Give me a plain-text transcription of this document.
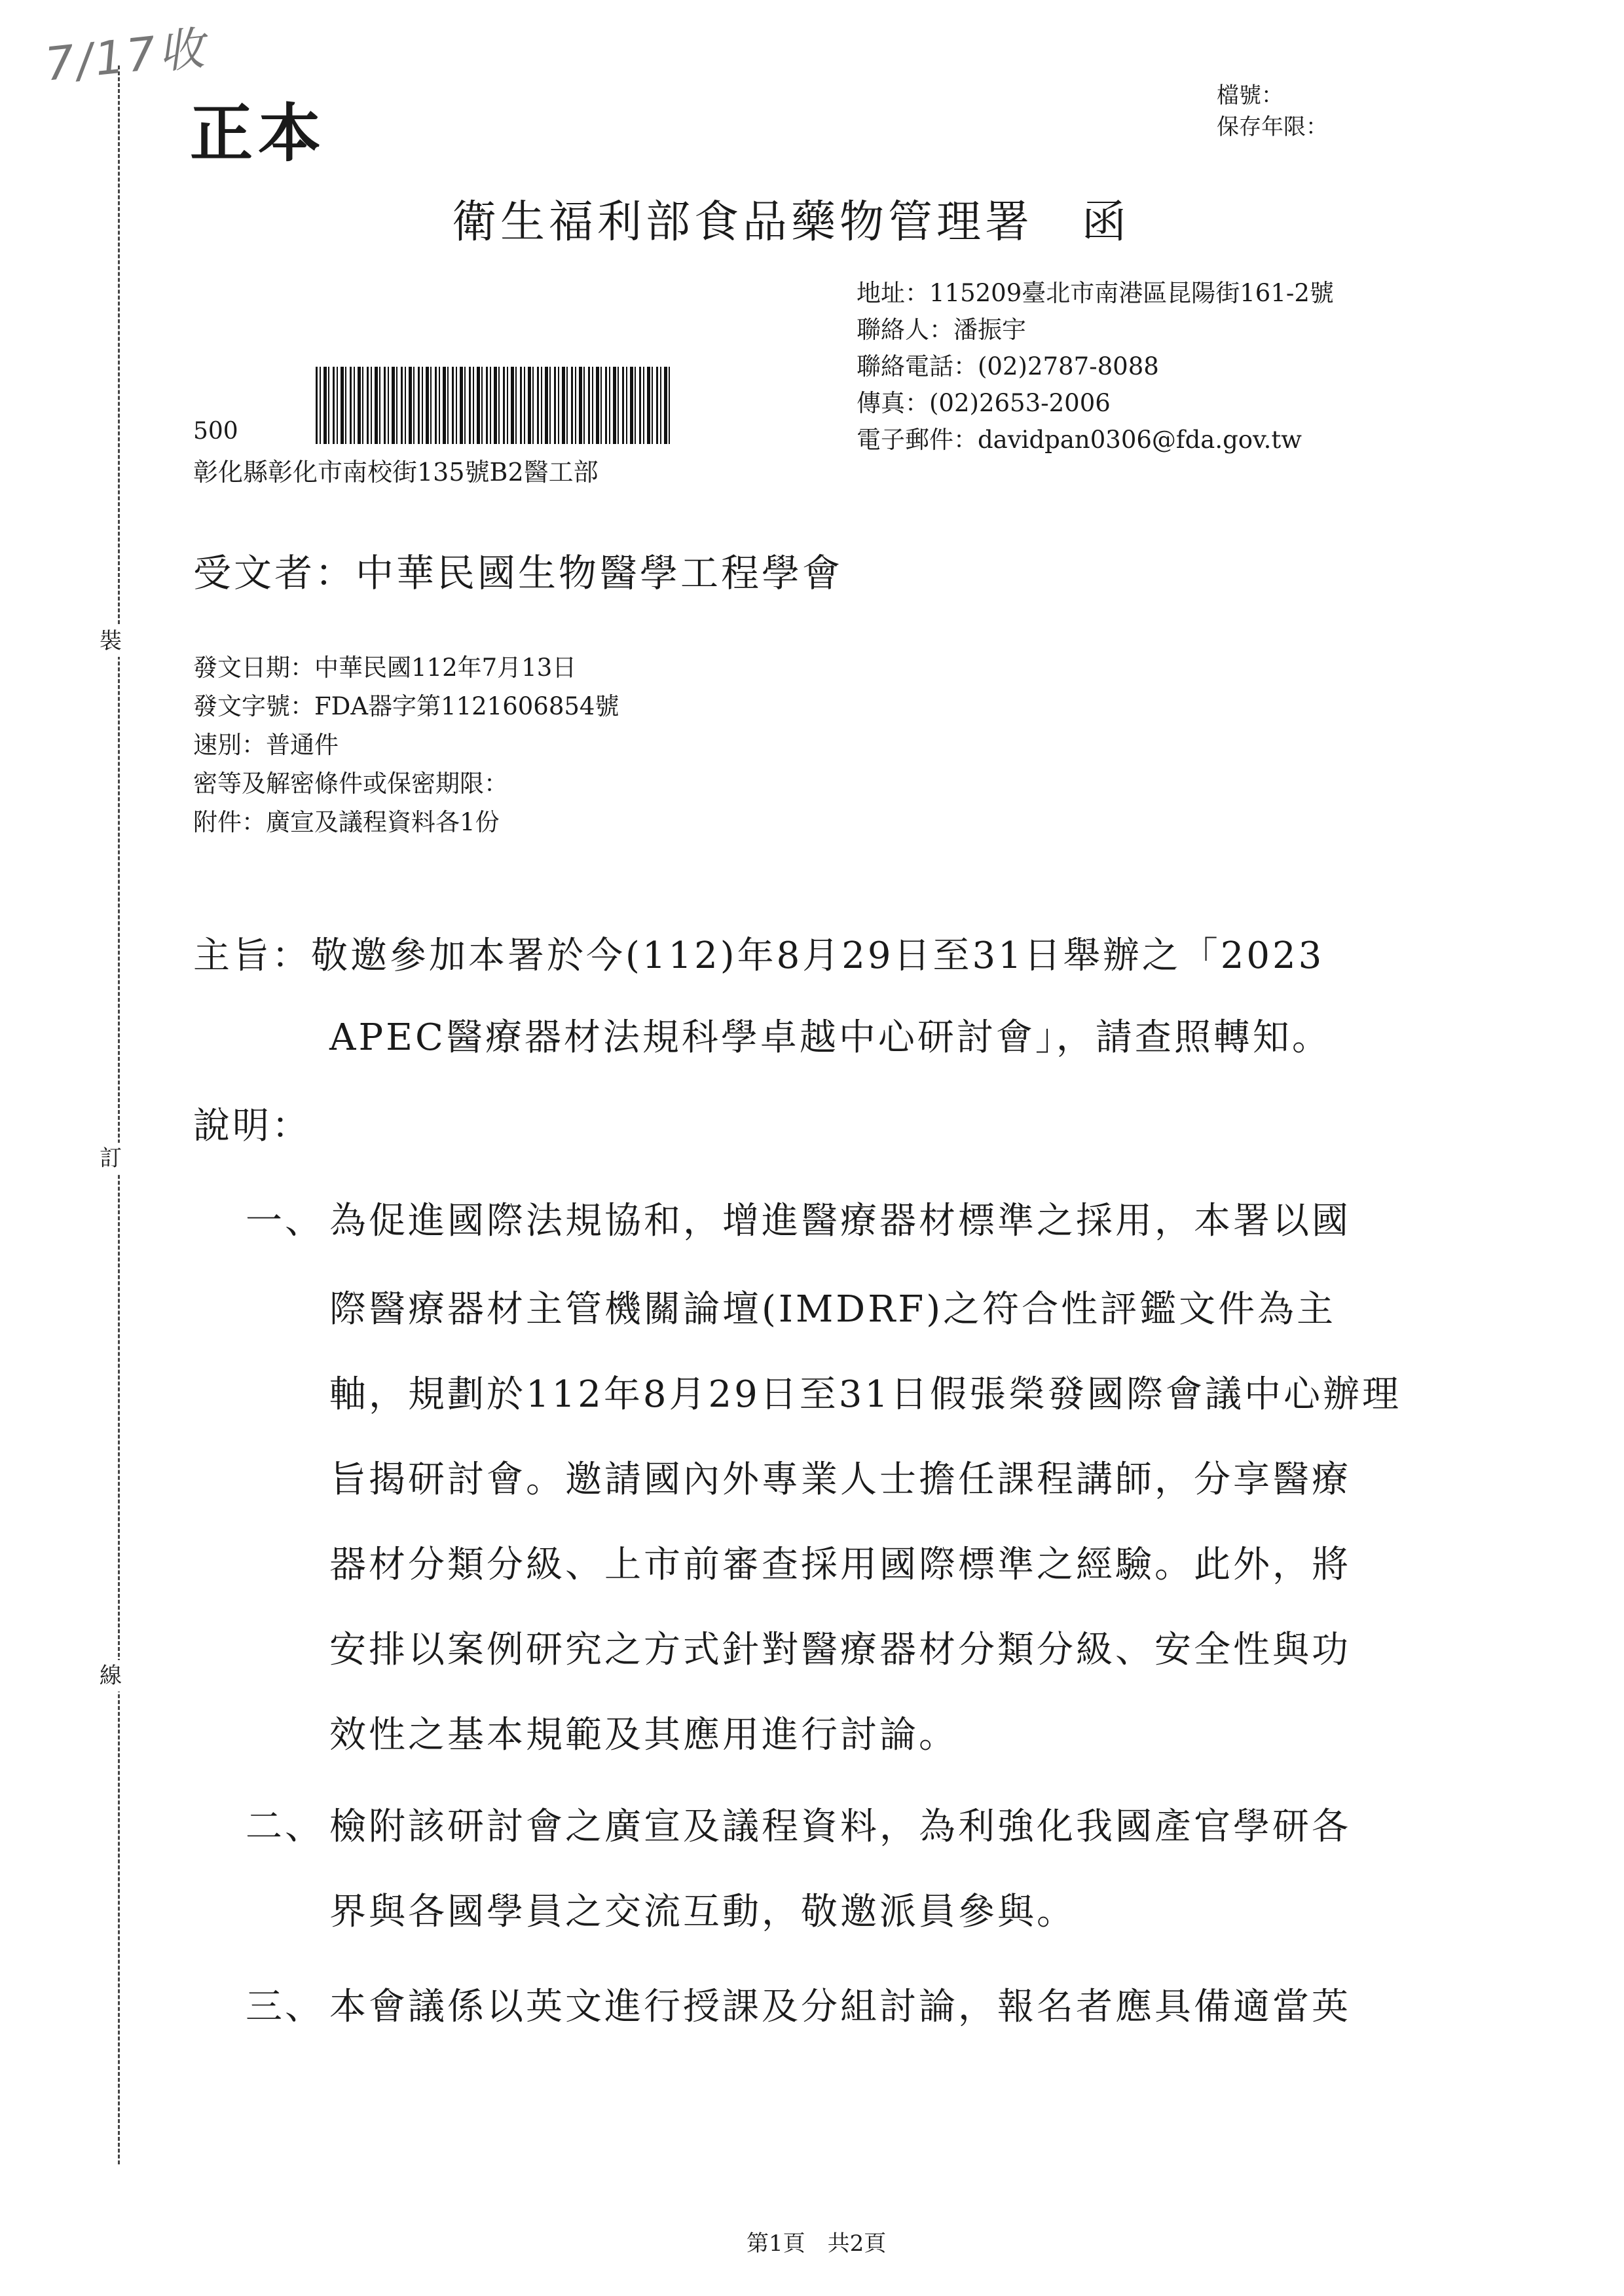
裝
訂
線
7/17收
正本
檔號：
保存年限：
衛生福利部食品藥物管理署　函
地址：115209臺北市南港區昆陽街161-2號
聯絡人：潘振宇
聯絡電話：(02)2787-8088
傳真：(02)2653-2006
電子郵件：davidpan0306@fda.gov.tw
500
彰化縣彰化市南校街135號B2醫工部
受文者：中華民國生物醫學工程學會
發文日期：中華民國112年7月13日
發文字號：FDA器字第1121606854號
速別：普通件
密等及解密條件或保密期限：
附件：廣宣及議程資料各1份
主旨：敬邀參加本署於今(112)年8月29日至31日舉辦之「2023
APEC醫療器材法規科學卓越中心研討會」，請查照轉知。
說明：
一、 為促進國際法規協和，增進醫療器材標準之採用，本署以國
際醫療器材主管機關論壇(IMDRF)之符合性評鑑文件為主
軸，規劃於112年8月29日至31日假張榮發國際會議中心辦理
旨揭研討會。邀請國內外專業人士擔任課程講師，分享醫療
器材分類分級、上市前審查採用國際標準之經驗。此外，將
安排以案例研究之方式針對醫療器材分類分級、安全性與功
效性之基本規範及其應用進行討論。
二、 檢附該研討會之廣宣及議程資料，為利強化我國產官學研各
界與各國學員之交流互動，敬邀派員參與。
三、 本會議係以英文進行授課及分組討論，報名者應具備適當英
第1頁　共2頁
